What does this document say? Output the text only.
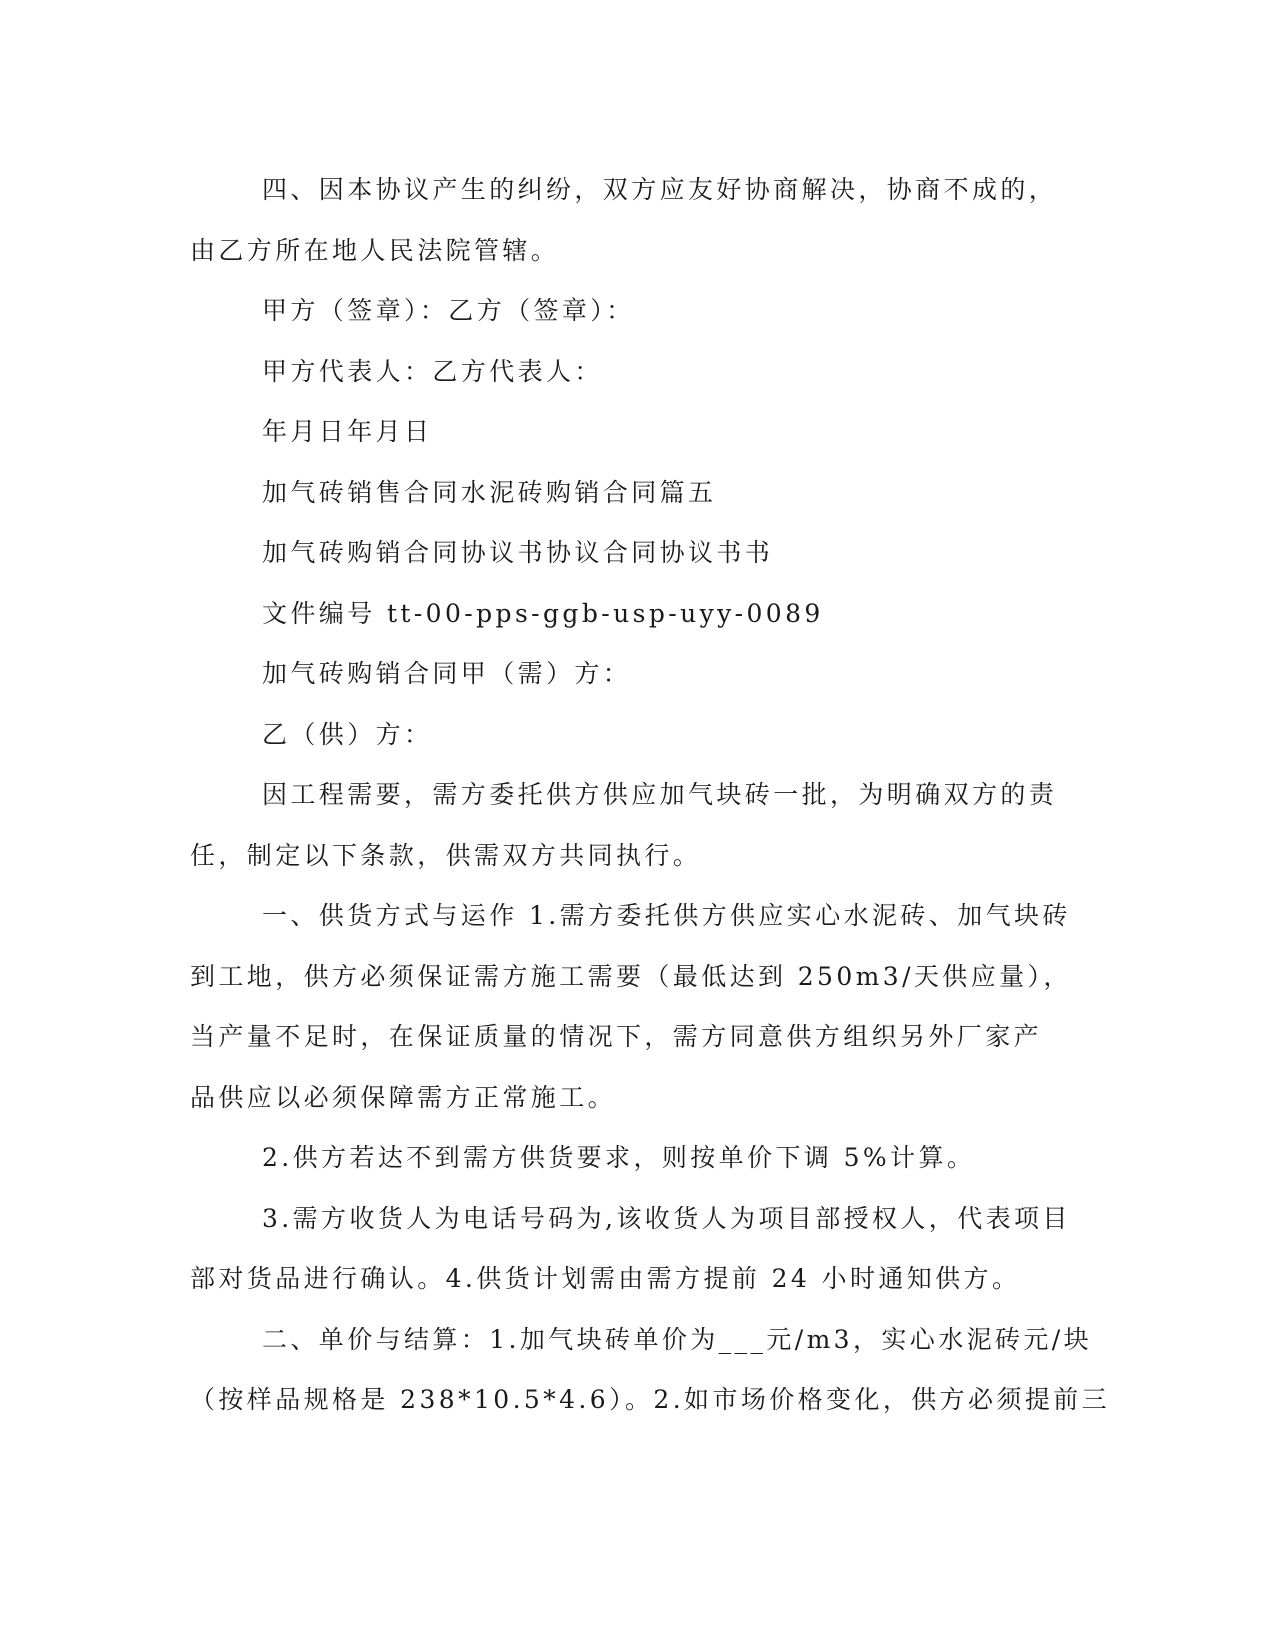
四、因本协议产生的纠纷，双方应友好协商解决，协商不成的，

由乙方所在地人民法院管辖。

甲方（签章）：乙方（签章）：

甲方代表人：乙方代表人：

年月日年月日

加气砖销售合同水泥砖购销合同篇五

加气砖购销合同协议书协议合同协议书书

文件编号 tt-00-pps-ggb-usp-uyy-0089

加气砖购销合同甲（需）方：

乙（供）方：

因工程需要，需方委托供方供应加气块砖一批，为明确双方的责

任，制定以下条款，供需双方共同执行。

一、供货方式与运作 1.需方委托供方供应实心水泥砖、加气块砖

到工地，供方必须保证需方施工需要（最低达到 250m3/天供应量），

当产量不足时，在保证质量的情况下，需方同意供方组织另外厂家产

品供应以必须保障需方正常施工。

2.供方若达不到需方供货要求，则按单价下调 5%计算。

3.需方收货人为电话号码为,该收货人为项目部授权人，代表项目

部对货品进行确认。4.供货计划需由需方提前 24 小时通知供方。

二、单价与结算：1.加气块砖单价为___元/m3，实心水泥砖元/块

（按样品规格是 238*10.5*4.6）。2.如市场价格变化，供方必须提前三
